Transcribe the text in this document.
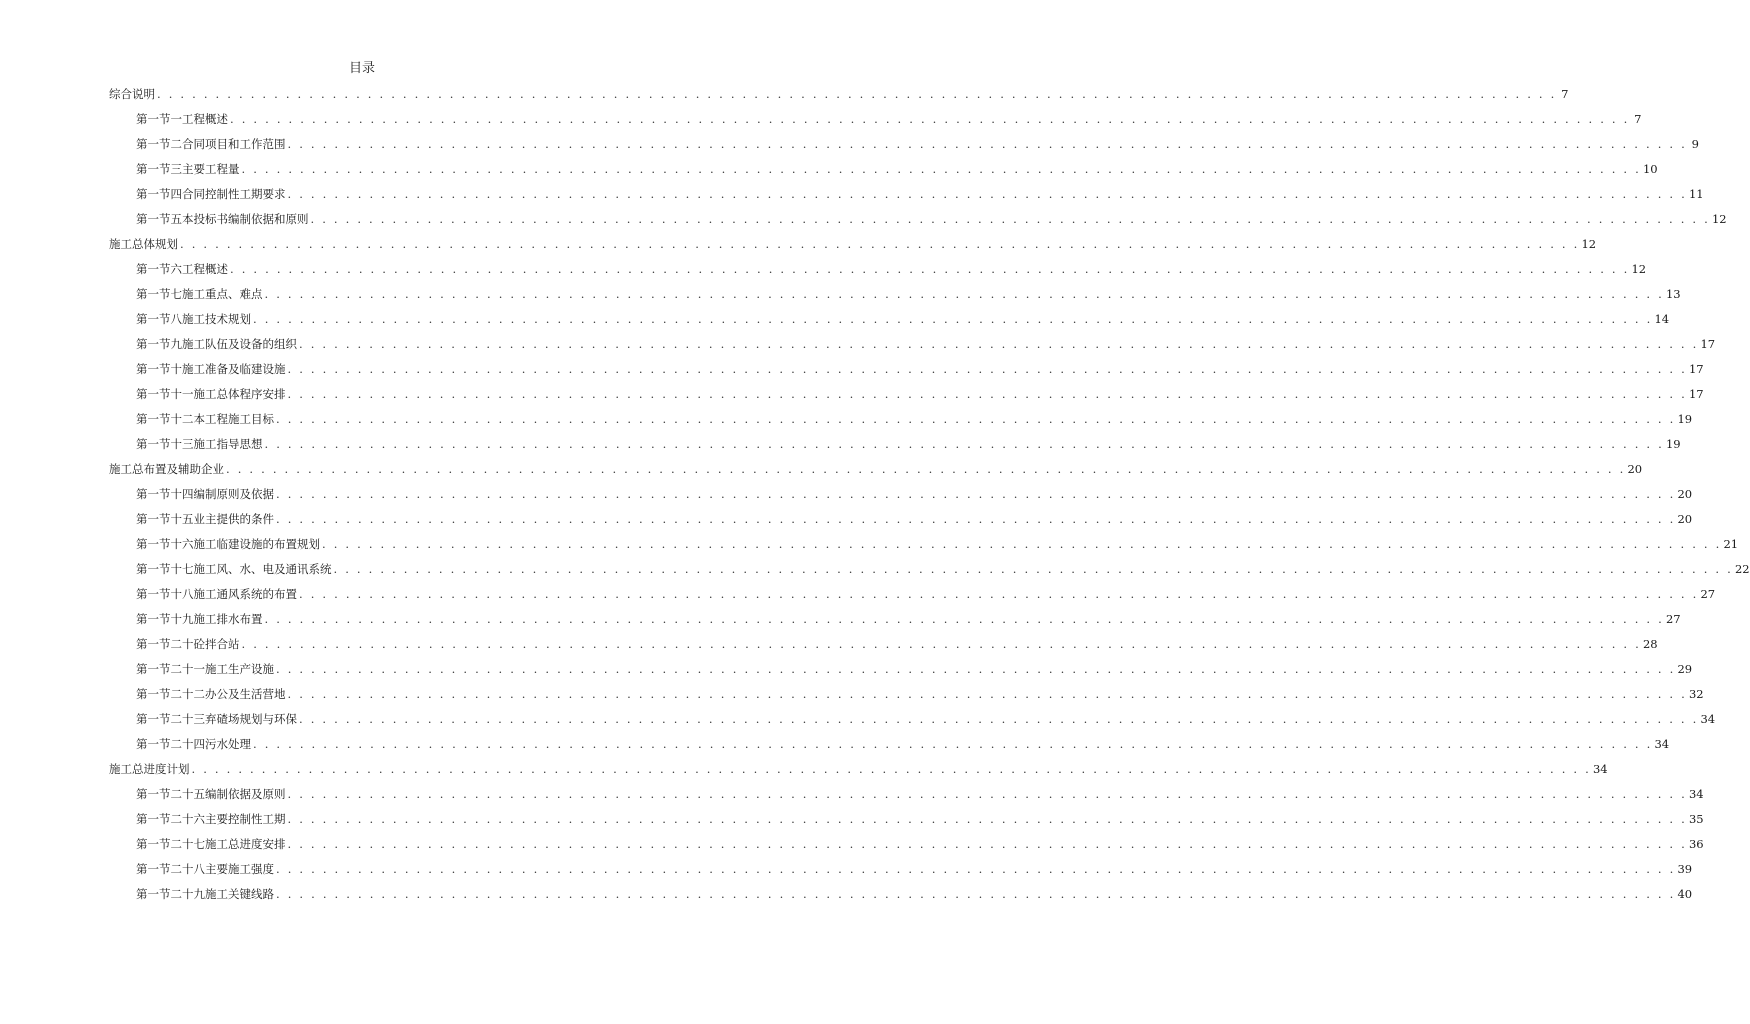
目录
综合说明 . . . . . . . . . . . . . . . . . . . . . . . . . . . . . . . . . . . . . . . . . . . . . . . . . . . . . . . . . . . . . . . . . . . . . . . . . . . . . . . . . . . . . . . . . . . . . . . . . . . . . . . . . . . . . . . . . . . . . . . . 7
第一节一 工程概述 . . . . . . . . . . . . . . . . . . . . . . . . . . . . . . . . . . . . . . . . . . . . . . . . . . . . . . . . . . . . . . . . . . . . . . . . . . . . . . . . . . . . . . . . . . . . . . . . . . . . . . . . . . . . . . . . . . . . . . . . 7
第一节二 合同项目和工作范围 . . . . . . . . . . . . . . . . . . . . . . . . . . . . . . . . . . . . . . . . . . . . . . . . . . . . . . . . . . . . . . . . . . . . . . . . . . . . . . . . . . . . . . . . . . . . . . . . . . . . . . . . . . . . . . . . . . . . . . . . 9
第一节三 主要工程量 . . . . . . . . . . . . . . . . . . . . . . . . . . . . . . . . . . . . . . . . . . . . . . . . . . . . . . . . . . . . . . . . . . . . . . . . . . . . . . . . . . . . . . . . . . . . . . . . . . . . . . . . . . . . . . . . . . . . . . . . 10
第一节四 合同控制性工期要求 . . . . . . . . . . . . . . . . . . . . . . . . . . . . . . . . . . . . . . . . . . . . . . . . . . . . . . . . . . . . . . . . . . . . . . . . . . . . . . . . . . . . . . . . . . . . . . . . . . . . . . . . . . . . . . . . . . . . . . . . 11
第一节五 本投标书编制依据和原则 . . . . . . . . . . . . . . . . . . . . . . . . . . . . . . . . . . . . . . . . . . . . . . . . . . . . . . . . . . . . . . . . . . . . . . . . . . . . . . . . . . . . . . . . . . . . . . . . . . . . . . . . . . . . . . . . . . . . . . . . 12
施工总体规划 . . . . . . . . . . . . . . . . . . . . . . . . . . . . . . . . . . . . . . . . . . . . . . . . . . . . . . . . . . . . . . . . . . . . . . . . . . . . . . . . . . . . . . . . . . . . . . . . . . . . . . . . . . . . . . . . . . . . . . . . 12
第一节六 工程概述 . . . . . . . . . . . . . . . . . . . . . . . . . . . . . . . . . . . . . . . . . . . . . . . . . . . . . . . . . . . . . . . . . . . . . . . . . . . . . . . . . . . . . . . . . . . . . . . . . . . . . . . . . . . . . . . . . . . . . . . . 12
第一节七 施工重点、难点 . . . . . . . . . . . . . . . . . . . . . . . . . . . . . . . . . . . . . . . . . . . . . . . . . . . . . . . . . . . . . . . . . . . . . . . . . . . . . . . . . . . . . . . . . . . . . . . . . . . . . . . . . . . . . . . . . . . . . . . . 13
第一节八 施工技术规划 . . . . . . . . . . . . . . . . . . . . . . . . . . . . . . . . . . . . . . . . . . . . . . . . . . . . . . . . . . . . . . . . . . . . . . . . . . . . . . . . . . . . . . . . . . . . . . . . . . . . . . . . . . . . . . . . . . . . . . . . 14
第一节九 施工队伍及设备的组织 . . . . . . . . . . . . . . . . . . . . . . . . . . . . . . . . . . . . . . . . . . . . . . . . . . . . . . . . . . . . . . . . . . . . . . . . . . . . . . . . . . . . . . . . . . . . . . . . . . . . . . . . . . . . . . . . . . . . . . . . 17
第一节十 施工准备及临建设施 . . . . . . . . . . . . . . . . . . . . . . . . . . . . . . . . . . . . . . . . . . . . . . . . . . . . . . . . . . . . . . . . . . . . . . . . . . . . . . . . . . . . . . . . . . . . . . . . . . . . . . . . . . . . . . . . . . . . . . . . 17
第一节十一 施工总体程序安排 . . . . . . . . . . . . . . . . . . . . . . . . . . . . . . . . . . . . . . . . . . . . . . . . . . . . . . . . . . . . . . . . . . . . . . . . . . . . . . . . . . . . . . . . . . . . . . . . . . . . . . . . . . . . . . . . . . . . . . . . 17
第一节十二 本工程施工目标 . . . . . . . . . . . . . . . . . . . . . . . . . . . . . . . . . . . . . . . . . . . . . . . . . . . . . . . . . . . . . . . . . . . . . . . . . . . . . . . . . . . . . . . . . . . . . . . . . . . . . . . . . . . . . . . . . . . . . . . . 19
第一节十三 施工指导思想 . . . . . . . . . . . . . . . . . . . . . . . . . . . . . . . . . . . . . . . . . . . . . . . . . . . . . . . . . . . . . . . . . . . . . . . . . . . . . . . . . . . . . . . . . . . . . . . . . . . . . . . . . . . . . . . . . . . . . . . . 19
施工总布置及辅助企业 . . . . . . . . . . . . . . . . . . . . . . . . . . . . . . . . . . . . . . . . . . . . . . . . . . . . . . . . . . . . . . . . . . . . . . . . . . . . . . . . . . . . . . . . . . . . . . . . . . . . . . . . . . . . . . . . . . . . . . . . 20
第一节十四 编制原则及依据 . . . . . . . . . . . . . . . . . . . . . . . . . . . . . . . . . . . . . . . . . . . . . . . . . . . . . . . . . . . . . . . . . . . . . . . . . . . . . . . . . . . . . . . . . . . . . . . . . . . . . . . . . . . . . . . . . . . . . . . . 20
第一节十五 业主提供的条件 . . . . . . . . . . . . . . . . . . . . . . . . . . . . . . . . . . . . . . . . . . . . . . . . . . . . . . . . . . . . . . . . . . . . . . . . . . . . . . . . . . . . . . . . . . . . . . . . . . . . . . . . . . . . . . . . . . . . . . . . 20
第一节十六 施工临建设施的布置规划 . . . . . . . . . . . . . . . . . . . . . . . . . . . . . . . . . . . . . . . . . . . . . . . . . . . . . . . . . . . . . . . . . . . . . . . . . . . . . . . . . . . . . . . . . . . . . . . . . . . . . . . . . . . . . . . . . . . . . . . . 21
第一节十七 施工风、水、电及通讯系统 . . . . . . . . . . . . . . . . . . . . . . . . . . . . . . . . . . . . . . . . . . . . . . . . . . . . . . . . . . . . . . . . . . . . . . . . . . . . . . . . . . . . . . . . . . . . . . . . . . . . . . . . . . . . . . . . . . . . . . . . 22
第一节十八 施工通风系统的布置 . . . . . . . . . . . . . . . . . . . . . . . . . . . . . . . . . . . . . . . . . . . . . . . . . . . . . . . . . . . . . . . . . . . . . . . . . . . . . . . . . . . . . . . . . . . . . . . . . . . . . . . . . . . . . . . . . . . . . . . . 27
第一节十九 施工排水布置 . . . . . . . . . . . . . . . . . . . . . . . . . . . . . . . . . . . . . . . . . . . . . . . . . . . . . . . . . . . . . . . . . . . . . . . . . . . . . . . . . . . . . . . . . . . . . . . . . . . . . . . . . . . . . . . . . . . . . . . . 27
第一节二十 砼拌合站 . . . . . . . . . . . . . . . . . . . . . . . . . . . . . . . . . . . . . . . . . . . . . . . . . . . . . . . . . . . . . . . . . . . . . . . . . . . . . . . . . . . . . . . . . . . . . . . . . . . . . . . . . . . . . . . . . . . . . . . . 28
第一节二十一 施工生产设施 . . . . . . . . . . . . . . . . . . . . . . . . . . . . . . . . . . . . . . . . . . . . . . . . . . . . . . . . . . . . . . . . . . . . . . . . . . . . . . . . . . . . . . . . . . . . . . . . . . . . . . . . . . . . . . . . . . . . . . . . 29
第一节二十二 办公及生活营地 . . . . . . . . . . . . . . . . . . . . . . . . . . . . . . . . . . . . . . . . . . . . . . . . . . . . . . . . . . . . . . . . . . . . . . . . . . . . . . . . . . . . . . . . . . . . . . . . . . . . . . . . . . . . . . . . . . . . . . . . 32
第一节二十三 弃碴场规划与环保 . . . . . . . . . . . . . . . . . . . . . . . . . . . . . . . . . . . . . . . . . . . . . . . . . . . . . . . . . . . . . . . . . . . . . . . . . . . . . . . . . . . . . . . . . . . . . . . . . . . . . . . . . . . . . . . . . . . . . . . . 34
第一节二十四 污水处理 . . . . . . . . . . . . . . . . . . . . . . . . . . . . . . . . . . . . . . . . . . . . . . . . . . . . . . . . . . . . . . . . . . . . . . . . . . . . . . . . . . . . . . . . . . . . . . . . . . . . . . . . . . . . . . . . . . . . . . . . 34
施工总进度计划 . . . . . . . . . . . . . . . . . . . . . . . . . . . . . . . . . . . . . . . . . . . . . . . . . . . . . . . . . . . . . . . . . . . . . . . . . . . . . . . . . . . . . . . . . . . . . . . . . . . . . . . . . . . . . . . . . . . . . . . . 34
第一节二十五 编制依据及原则 . . . . . . . . . . . . . . . . . . . . . . . . . . . . . . . . . . . . . . . . . . . . . . . . . . . . . . . . . . . . . . . . . . . . . . . . . . . . . . . . . . . . . . . . . . . . . . . . . . . . . . . . . . . . . . . . . . . . . . . . 34
第一节二十六 主要控制性工期 . . . . . . . . . . . . . . . . . . . . . . . . . . . . . . . . . . . . . . . . . . . . . . . . . . . . . . . . . . . . . . . . . . . . . . . . . . . . . . . . . . . . . . . . . . . . . . . . . . . . . . . . . . . . . . . . . . . . . . . . 35
第一节二十七 施工总进度安排 . . . . . . . . . . . . . . . . . . . . . . . . . . . . . . . . . . . . . . . . . . . . . . . . . . . . . . . . . . . . . . . . . . . . . . . . . . . . . . . . . . . . . . . . . . . . . . . . . . . . . . . . . . . . . . . . . . . . . . . . 36
第一节二十八 主要施工强度 . . . . . . . . . . . . . . . . . . . . . . . . . . . . . . . . . . . . . . . . . . . . . . . . . . . . . . . . . . . . . . . . . . . . . . . . . . . . . . . . . . . . . . . . . . . . . . . . . . . . . . . . . . . . . . . . . . . . . . . . 39
第一节二十九 施工关键线路 . . . . . . . . . . . . . . . . . . . . . . . . . . . . . . . . . . . . . . . . . . . . . . . . . . . . . . . . . . . . . . . . . . . . . . . . . . . . . . . . . . . . . . . . . . . . . . . . . . . . . . . . . . . . . . . . . . . . . . . . 40
